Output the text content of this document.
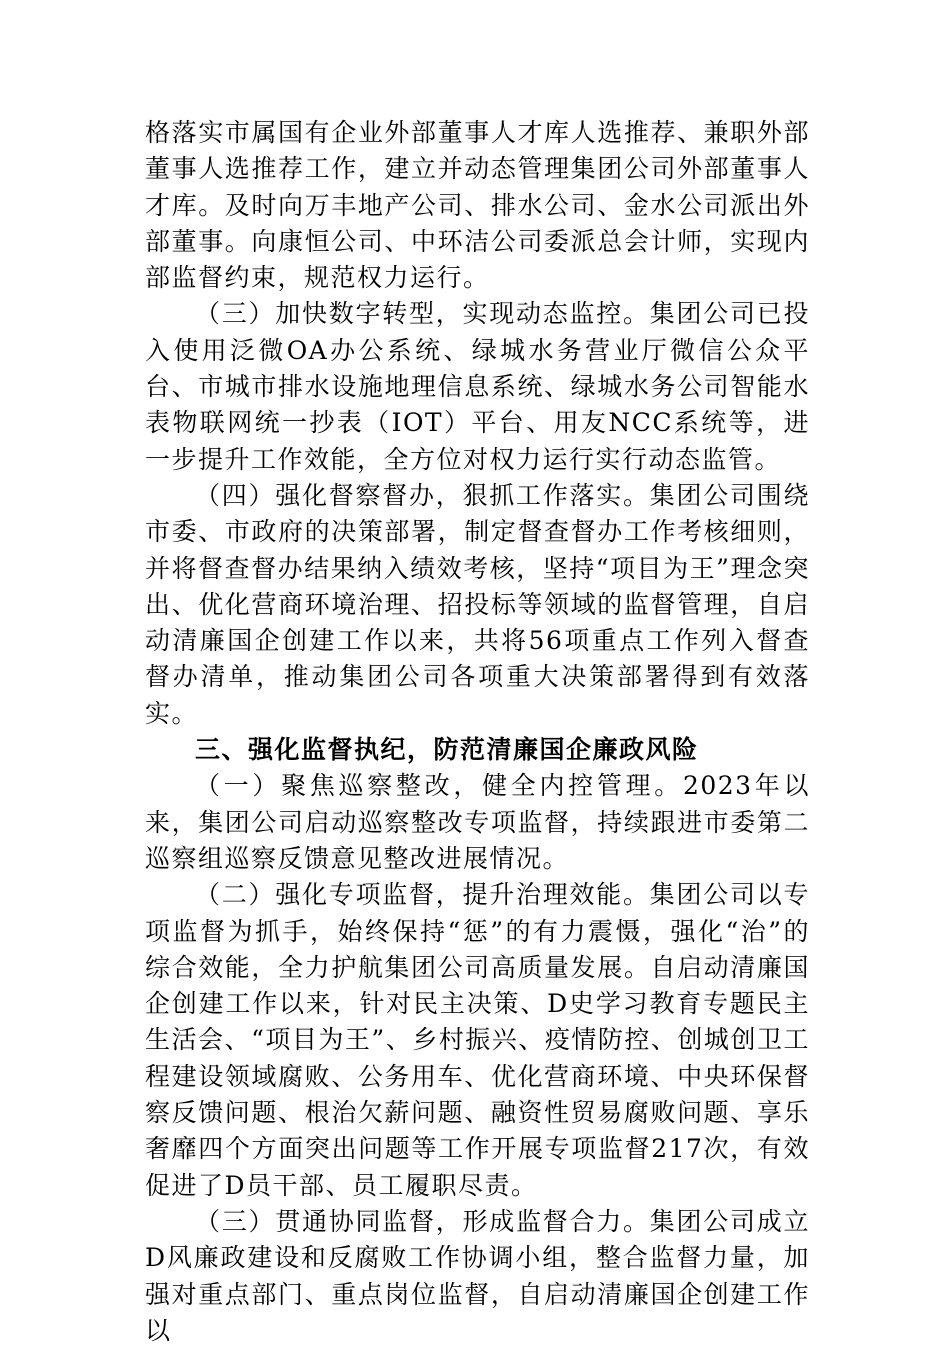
格落实市属国有企业外部董事人才库人选推荐、兼职外部董事人选推荐工作，建立并动态管理集团公司外部董事人才库。及时向万丰地产公司、排水公司、金水公司派出外部董事。向康恒公司、中环洁公司委派总会计师，实现内部监督约束，规范权力运行。

（三）加快数字转型，实现动态监控。集团公司已投入使用泛微OA办公系统、绿城水务营业厅微信公众平台、市城市排水设施地理信息系统、绿城水务公司智能水表物联网统一抄表（IOT）平台、用友NCC系统等，进一步提升工作效能，全方位对权力运行实行动态监管。

（四）强化督察督办，狠抓工作落实。集团公司围绕市委、市政府的决策部署，制定督查督办工作考核细则，并将督查督办结果纳入绩效考核，坚持“项目为王”理念突出、优化营商环境治理、招投标等领域的监督管理，自启动清廉国企创建工作以来，共将56项重点工作列入督查督办清单，推动集团公司各项重大决策部署得到有效落实。

三、强化监督执纪，防范清廉国企廉政风险

（一）聚焦巡察整改，健全内控管理。2023年以来，集团公司启动巡察整改专项监督，持续跟进市委第二巡察组巡察反馈意见整改进展情况。

（二）强化专项监督，提升治理效能。集团公司以专项监督为抓手，始终保持“惩”的有力震慑，强化“治”的综合效能，全力护航集团公司高质量发展。自启动清廉国企创建工作以来，针对民主决策、D史学习教育专题民主生活会、“项目为王”、乡村振兴、疫情防控、创城创卫工程建设领域腐败、公务用车、优化营商环境、中央环保督察反馈问题、根治欠薪问题、融资性贸易腐败问题、享乐奢靡四个方面突出问题等工作开展专项监督217次，有效促进了D员干部、员工履职尽责。

（三）贯通协同监督，形成监督合力。集团公司成立D风廉政建设和反腐败工作协调小组，整合监督力量，加强对重点部门、重点岗位监督，自启动清廉国企创建工作以
